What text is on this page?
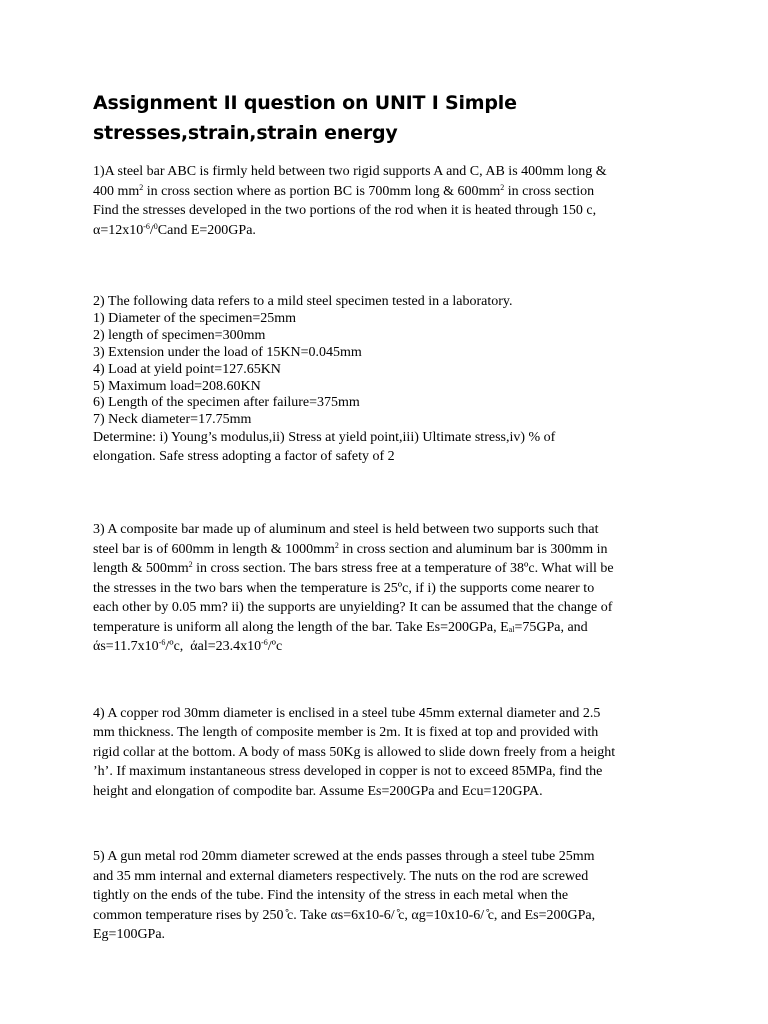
Assignment II question on UNIT I Simple
stresses,strain,strain energy
1)A steel bar ABC is firmly held between two rigid supports A and C, AB is 400mm long &
400 $mm^2$ in cross section where as portion BC is 700mm long & $600mm^2$ in cross section
Find the stresses developed in the two portions of the rod when it is heated through 150 c,
$\alpha=12x10^{-6}/^0Cand$ E=200GPa.
2) The following data refers to a mild steel specimen tested in a laboratory.
1) Diameter of the specimen=25mm
2) length of specimen=300mm
3) Extension under the load of 15KN=0.045mm
4) Load at yield point=127.65KN
5) Maximum load=208.60KN
6) Length of the specimen after failure=375mm
7) Neck diameter=17.75mm
Determine: i) Young’s modulus,ii) Stress at yield point,iii) Ultimate stress,iv) % of
elongation. Safe stress adopting a factor of safety of 2
3) A composite bar made up of aluminum and steel is held between two supports such that
steel bar is of 600mm in length & $1000mm^2$ in cross section and aluminum bar is 300mm in
length & $500mm^2$ in cross section. The bars stress free at a temperature of 38ºc. What will be
the stresses in the two bars when the temperature is 25ºc, if i) the supports come nearer to
each other by 0.05 mm? ii) the supports are unyielding? It can be assumed that the change of
temperature is uniform all along the length of the bar. Take Es=200GPa, $E_{al}=75GPa$, and
$άs=11.7x10^{-6}/ºc$,  $άal=23.4x10^{-6}/ºc$
4) A copper rod 30mm diameter is enclised in a steel tube 45mm external diameter and 2.5
mm thickness. The length of composite member is 2m. It is fixed at top and provided with
rigid collar at the bottom. A body of mass 50Kg is allowed to slide down freely from a height
’h’. If maximum instantaneous stress developed in copper is not to exceed 85MPa, find the
height and elongation of compodite bar. Assume Es=200GPa and Ecu=120GPA.
5) A gun metal rod 20mm diameter screwed at the ends passes through a steel tube 25mm
and 35 mm internal and external diameters respectively. The nuts on the rod are screwed
tightly on the ends of the tube. Find the intensity of the stress in each metal when the
common temperature rises by 250 ̊c. Take αs=6x10-6/ ̊c, αg=10x10-6/ ̊c, and Es=200GPa,
Eg=100GPa.
